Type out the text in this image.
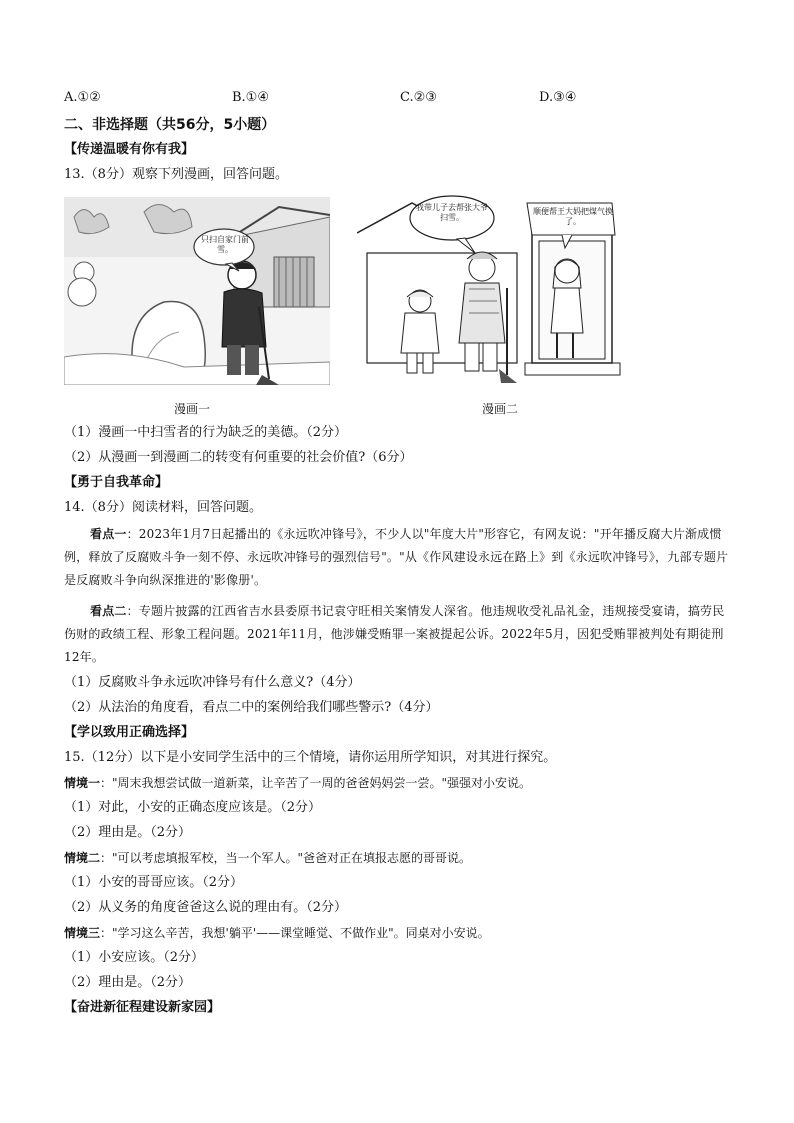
A.①②	B.①④	C.②③	D.③④
二、非选择题（共56分，5小题）
【传递温暖有你有我】
13.（8分）观察下列漫画，回答问题。
只扫自家门前雪。
我带儿子去帮张大爷扫雪。
顺便帮王大妈把煤气换了。
漫画一	漫画二
（1）漫画一中扫雪者的行为缺乏的美德。（2分）
（2）从漫画一到漫画二的转变有何重要的社会价值?（6分）
【勇于自我革命】
14.（8分）阅读材料，回答问题。
看点一：2023年1月7日起播出的《永远吹冲锋号》，不少人以"年度大片"形容它，有网友说："开年播反腐大片渐成惯例，释放了反腐败斗争一刻不停、永远吹冲锋号的强烈信号"。"从《作风建设永远在路上》到《永远吹冲锋号》，九部专题片是反腐败斗争向纵深推进的'影像册'。
看点二：专题片披露的江西省吉水县委原书记袁守旺相关案情发人深省。他违规收受礼品礼金，违规接受宴请，搞劳民伤财的政绩工程、形象工程问题。2021年11月，他涉嫌受贿罪一案被提起公诉。2022年5月，因犯受贿罪被判处有期徒刑12年。
（1）反腐败斗争永远吹冲锋号有什么意义?（4分）
（2）从法治的角度看，看点二中的案例给我们哪些警示?（4分）
【学以致用正确选择】
15.（12分）以下是小安同学生活中的三个情境，请你运用所学知识，对其进行探究。
情境一："周末我想尝试做一道新菜，让辛苦了一周的爸爸妈妈尝一尝。"强强对小安说。
（1）对此，小安的正确态度应该是。（2分）
（2）理由是。（2分）
情境二："可以考虑填报军校，当一个军人。"爸爸对正在填报志愿的哥哥说。
（1）小安的哥哥应该。（2分）
（2）从义务的角度爸爸这么说的理由有。（2分）
情境三："学习这么辛苦，我想'躺平'——课堂睡觉、不做作业"。同桌对小安说。
（1）小安应该。（2分）
（2）理由是。（2分）
【奋进新征程建设新家园】
